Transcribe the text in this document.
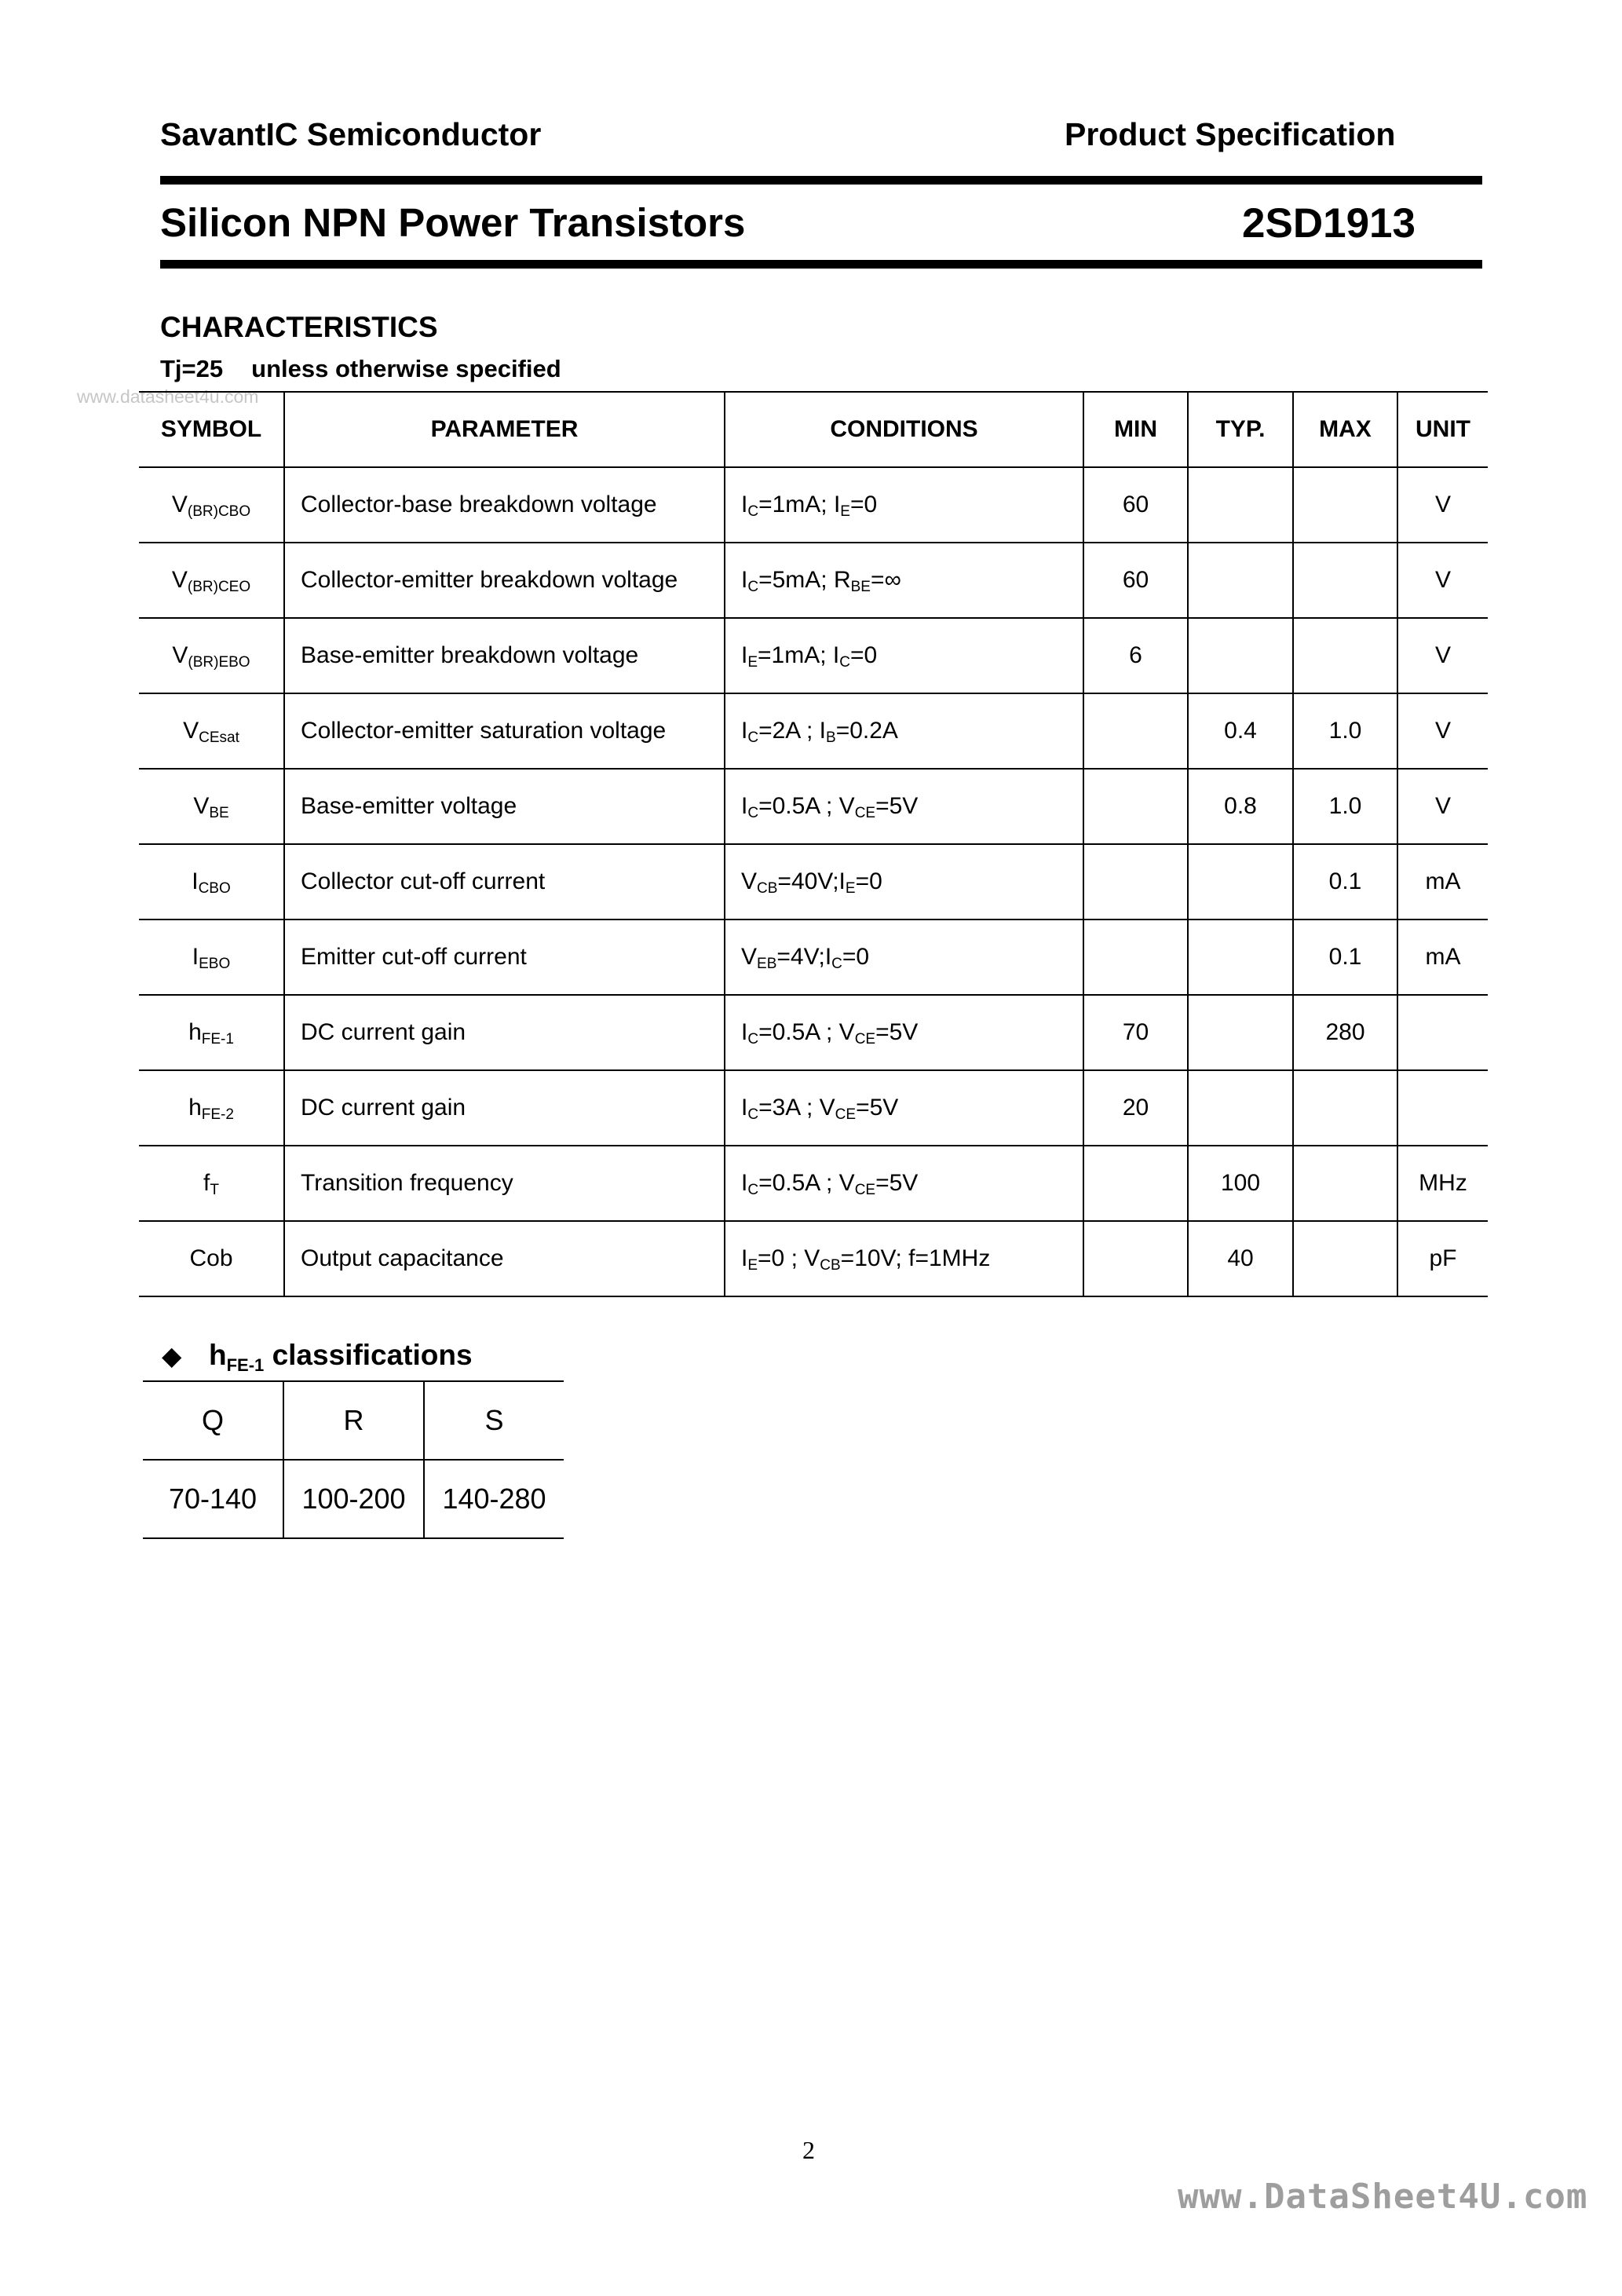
SavantIC Semiconductor	Product Specification
Silicon NPN Power Transistors	2SD1913
CHARACTERISTICS
Tj=25 unless otherwise specified
www.datasheet4u.com
SYMBOL	PARAMETER	CONDITIONS	MIN	TYP.	MAX	UNIT
$V_{(BR)CBO}$	Collector-base breakdown voltage	$I_C=1mA$; $I_E=0$	60			V
$V_{(BR)CEO}$	Collector-emitter breakdown voltage	$I_C=5mA$; $R_{BE}=\infty$	60			V
$V_{(BR)EBO}$	Base-emitter breakdown voltage	$I_E=1mA$; $I_C=0$	6			V
$V_{CEsat}$	Collector-emitter saturation voltage	$I_C=2A$ ; $I_B=0.2A$		0.4	1.0	V
$V_{BE}$	Base-emitter voltage	$I_C=0.5A$ ; $V_{CE}=5V$		0.8	1.0	V
$I_{CBO}$	Collector cut-off current	$V_{CB}=40V;I_E=0$			0.1	mA
$I_{EBO}$	Emitter cut-off current	$V_{EB}=4V;I_C=0$			0.1	mA
$h_{FE-1}$	DC current gain	$I_C=0.5A$ ; $V_{CE}=5V$	70		280	
$h_{FE-2}$	DC current gain	$I_C=3A$ ; $V_{CE}=5V$	20			
$f_T$	Transition frequency	$I_C=0.5A$ ; $V_{CE}=5V$		100		MHz
Cob	Output capacitance	$I_E=0$ ; $V_{CB}=10V$; f=1MHz		40		pF
◆ $h_{FE-1}$ classifications
Q	R	S
70-140	100-200	140-280
2
www.DataSheet4U.com
